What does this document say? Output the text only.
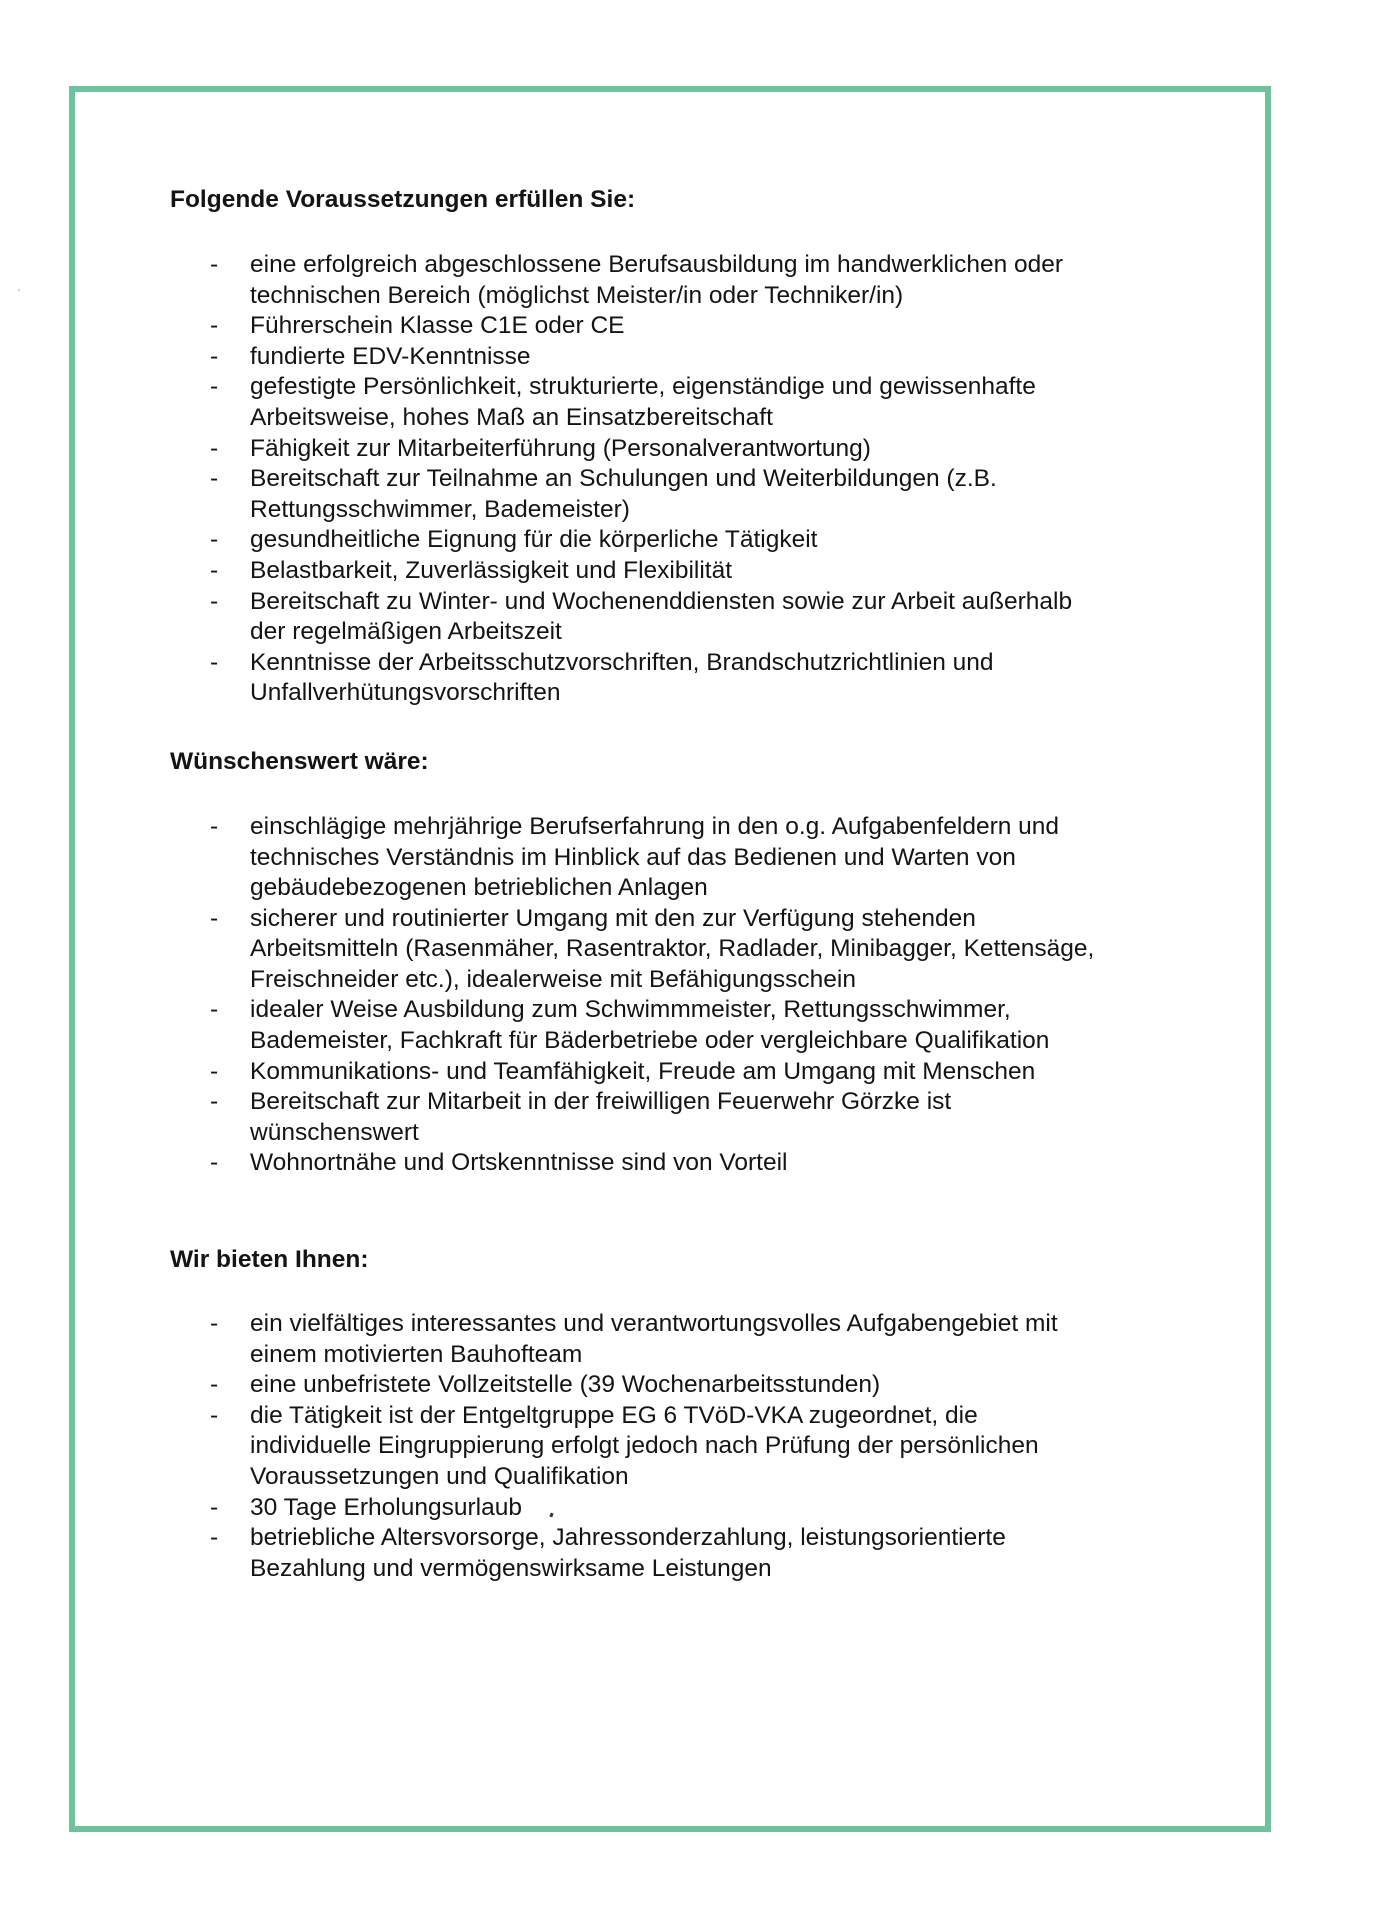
′
Folgende Voraussetzungen erfüllen Sie:
- eine erfolgreich abgeschlossene Berufsausbildung im handwerklichen oder
technischen Bereich (möglichst Meister/in oder Techniker/in)
- Führerschein Klasse C1E oder CE
- fundierte EDV-Kenntnisse
- gefestigte Persönlichkeit, strukturierte, eigenständige und gewissenhafte
Arbeitsweise, hohes Maß an Einsatzbereitschaft
- Fähigkeit zur Mitarbeiterführung (Personalverantwortung)
- Bereitschaft zur Teilnahme an Schulungen und Weiterbildungen (z.B.
Rettungsschwimmer, Bademeister)
- gesundheitliche Eignung für die körperliche Tätigkeit
- Belastbarkeit, Zuverlässigkeit und Flexibilität
- Bereitschaft zu Winter- und Wochenenddiensten sowie zur Arbeit außerhalb
der regelmäßigen Arbeitszeit
- Kenntnisse der Arbeitsschutzvorschriften, Brandschutzrichtlinien und
Unfallverhütungsvorschriften
Wünschenswert wäre:
- einschlägige mehrjährige Berufserfahrung in den o.g. Aufgabenfeldern und
technisches Verständnis im Hinblick auf das Bedienen und Warten von
gebäudebezogenen betrieblichen Anlagen
- sicherer und routinierter Umgang mit den zur Verfügung stehenden
Arbeitsmitteln (Rasenmäher, Rasentraktor, Radlader, Minibagger, Kettensäge,
Freischneider etc.), idealerweise mit Befähigungsschein
- idealer Weise Ausbildung zum Schwimmmeister, Rettungsschwimmer,
Bademeister, Fachkraft für Bäderbetriebe oder vergleichbare Qualifikation
- Kommunikations- und Teamfähigkeit, Freude am Umgang mit Menschen
- Bereitschaft zur Mitarbeit in der freiwilligen Feuerwehr Görzke ist
wünschenswert
- Wohnortnähe und Ortskenntnisse sind von Vorteil
Wir bieten Ihnen:
- ein vielfältiges interessantes und verantwortungsvolles Aufgabengebiet mit
einem motivierten Bauhofteam
- eine unbefristete Vollzeitstelle (39 Wochenarbeitsstunden)
- die Tätigkeit ist der Entgeltgruppe EG 6 TVöD-VKA zugeordnet, die
individuelle Eingruppierung erfolgt jedoch nach Prüfung der persönlichen
Voraussetzungen und Qualifikation
- 30 Tage Erholungsurlaub
- betriebliche Altersvorsorge, Jahressonderzahlung, leistungsorientierte
Bezahlung und vermögenswirksame Leistungen
